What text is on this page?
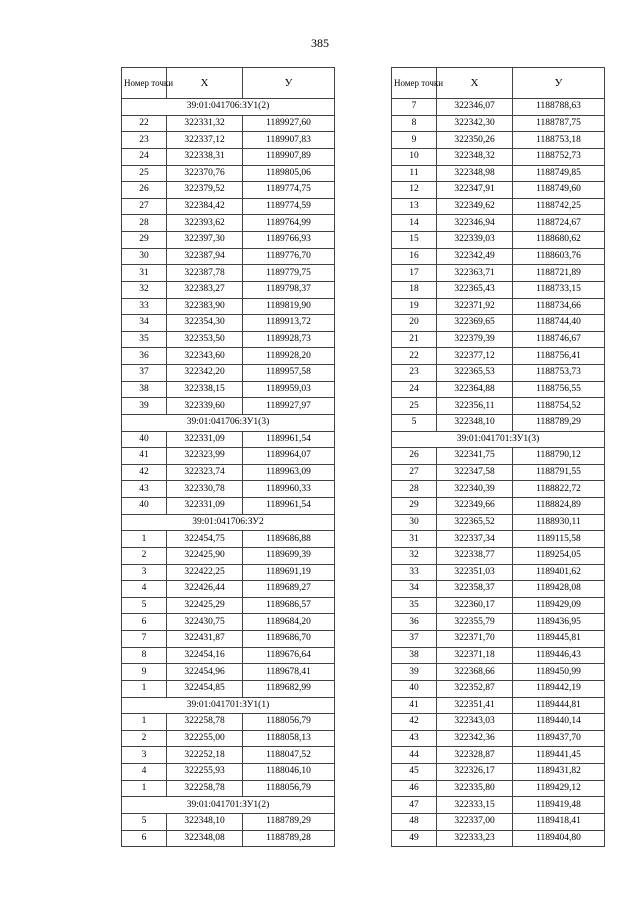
385
Номер точки	Х	У
39:01:041706:ЗУ1(2)		
22	322331,32	1189927,60
23	322337,12	1189907,83
24	322338,31	1189907,89
25	322370,76	1189805,06
26	322379,52	1189774,75
27	322384,42	1189774,59
28	322393,62	1189764,99
29	322397,30	1189766,93
30	322387,94	1189776,70
31	322387,78	1189779,75
32	322383,27	1189798,37
33	322383,90	1189819,90
34	322354,30	1189913,72
35	322353,50	1189928,73
36	322343,60	1189928,20
37	322342,20	1189957,58
38	322338,15	1189959,03
39	322339,60	1189927,97
39:01:041706:ЗУ1(3)		
40	322331,09	1189961,54
41	322323,99	1189964,07
42	322323,74	1189963,09
43	322330,78	1189960,33
40	322331,09	1189961,54
39:01:041706:ЗУ2		
1	322454,75	1189686,88
2	322425,90	1189699,39
3	322422,25	1189691,19
4	322426,44	1189689,27
5	322425,29	1189686,57
6	322430,75	1189684,20
7	322431,87	1189686,70
8	322454,16	1189676,64
9	322454,96	1189678,41
1	322454,85	1189682,99
39:01:041701:ЗУ1(1)		
1	322258,78	1188056,79
2	322255,00	1188058,13
3	322252,18	1188047,52
4	322255,93	1188046,10
1	322258,78	1188056,79
39:01:041701:ЗУ1(2)		
5	322348,10	1188789,29
6	322348,08	1188789,28
Номер точки	Х	У
7	322346,07	1188788,63
8	322342,30	1188787,75
9	322350,26	1188753,18
10	322348,32	1188752,73
11	322348,98	1188749,85
12	322347,91	1188749,60
13	322349,62	1188742,25
14	322346,94	1188724,67
15	322339,03	1188680,62
16	322342,49	1188603,76
17	322363,71	1188721,89
18	322365,43	1188733,15
19	322371,92	1188734,66
20	322369,65	1188744,40
21	322379,39	1188746,67
22	322377,12	1188756,41
23	322365,53	1188753,73
24	322364,88	1188756,55
25	322356,11	1188754,52
5	322348,10	1188789,29
39:01:041701:ЗУ1(3)		
26	322341,75	1188790,12
27	322347,58	1188791,55
28	322340,39	1188822,72
29	322349,66	1188824,89
30	322365,52	1188930,11
31	322337,34	1189115,58
32	322338,77	1189254,05
33	322351,03	1189401,62
34	322358,37	1189428,08
35	322360,17	1189429,09
36	322355,79	1189436,95
37	322371,70	1189445,81
38	322371,18	1189446,43
39	322368,66	1189450,99
40	322352,87	1189442,19
41	322351,41	1189444,81
42	322343,03	1189440,14
43	322342,36	1189437,70
44	322328,87	1189441,45
45	322326,17	1189431,82
46	322335,80	1189429,12
47	322333,15	1189419,48
48	322337,00	1189418,41
49	322333,23	1189404,80
